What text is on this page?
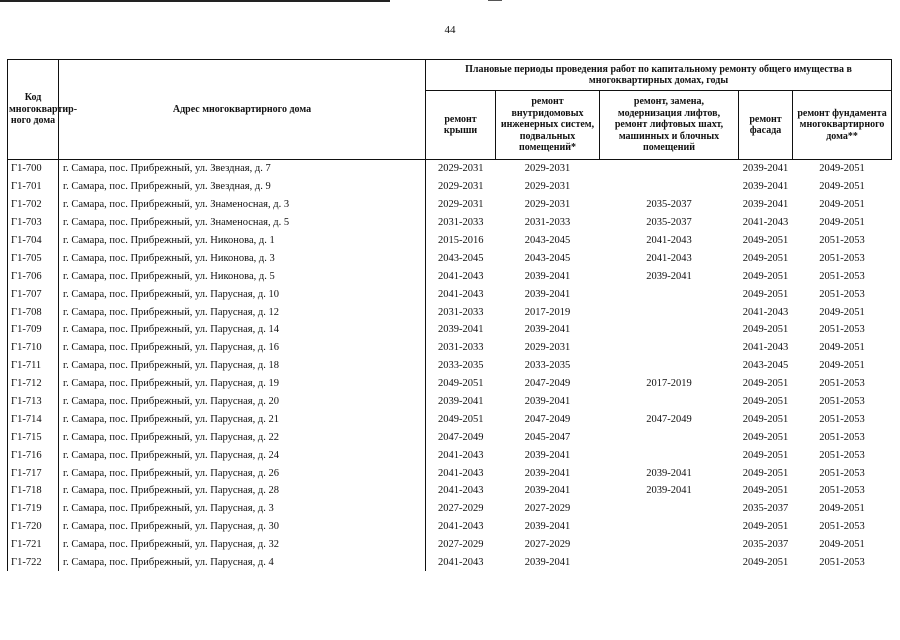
44
Код многоквартир-ного дома	Адрес многоквартирного дома	Плановые периоды проведения работ по капитальному ремонту общего имущества в многоквартирных домах, годы				
		ремонт крыши	ремонт внутридомовых инженерных систем, подвальных помещений*	ремонт, замена, модернизация лифтов, ремонт лифтовых шахт, машинных и блочных помещений	ремонт фасада	ремонт фундамента многоквартирного дома**
Г1-700	г. Самара, пос. Прибрежный, ул. Звездная, д. 7	2029-2031	2029-2031		2039-2041	2049-2051
Г1-701	г. Самара, пос. Прибрежный, ул. Звездная, д. 9	2029-2031	2029-2031		2039-2041	2049-2051
Г1-702	г. Самара, пос. Прибрежный, ул. Знаменосная, д. 3	2029-2031	2029-2031	2035-2037	2039-2041	2049-2051
Г1-703	г. Самара, пос. Прибрежный, ул. Знаменосная, д. 5	2031-2033	2031-2033	2035-2037	2041-2043	2049-2051
Г1-704	г. Самара, пос. Прибрежный, ул. Никонова, д. 1	2015-2016	2043-2045	2041-2043	2049-2051	2051-2053
Г1-705	г. Самара, пос. Прибрежный, ул. Никонова, д. 3	2043-2045	2043-2045	2041-2043	2049-2051	2051-2053
Г1-706	г. Самара, пос. Прибрежный, ул. Никонова, д. 5	2041-2043	2039-2041	2039-2041	2049-2051	2051-2053
Г1-707	г. Самара, пос. Прибрежный, ул. Парусная, д. 10	2041-2043	2039-2041		2049-2051	2051-2053
Г1-708	г. Самара, пос. Прибрежный, ул. Парусная, д. 12	2031-2033	2017-2019		2041-2043	2049-2051
Г1-709	г. Самара, пос. Прибрежный, ул. Парусная, д. 14	2039-2041	2039-2041		2049-2051	2051-2053
Г1-710	г. Самара, пос. Прибрежный, ул. Парусная, д. 16	2031-2033	2029-2031		2041-2043	2049-2051
Г1-711	г. Самара, пос. Прибрежный, ул. Парусная, д. 18	2033-2035	2033-2035		2043-2045	2049-2051
Г1-712	г. Самара, пос. Прибрежный, ул. Парусная, д. 19	2049-2051	2047-2049	2017-2019	2049-2051	2051-2053
Г1-713	г. Самара, пос. Прибрежный, ул. Парусная, д. 20	2039-2041	2039-2041		2049-2051	2051-2053
Г1-714	г. Самара, пос. Прибрежный, ул. Парусная, д. 21	2049-2051	2047-2049	2047-2049	2049-2051	2051-2053
Г1-715	г. Самара, пос. Прибрежный, ул. Парусная, д. 22	2047-2049	2045-2047		2049-2051	2051-2053
Г1-716	г. Самара, пос. Прибрежный, ул. Парусная, д. 24	2041-2043	2039-2041		2049-2051	2051-2053
Г1-717	г. Самара, пос. Прибрежный, ул. Парусная, д. 26	2041-2043	2039-2041	2039-2041	2049-2051	2051-2053
Г1-718	г. Самара, пос. Прибрежный, ул. Парусная, д. 28	2041-2043	2039-2041	2039-2041	2049-2051	2051-2053
Г1-719	г. Самара, пос. Прибрежный, ул. Парусная, д. 3	2027-2029	2027-2029		2035-2037	2049-2051
Г1-720	г. Самара, пос. Прибрежный, ул. Парусная, д. 30	2041-2043	2039-2041		2049-2051	2051-2053
Г1-721	г. Самара, пос. Прибрежный, ул. Парусная, д. 32	2027-2029	2027-2029		2035-2037	2049-2051
Г1-722	г. Самара, пос. Прибрежный, ул. Парусная, д. 4	2041-2043	2039-2041		2049-2051	2051-2053
